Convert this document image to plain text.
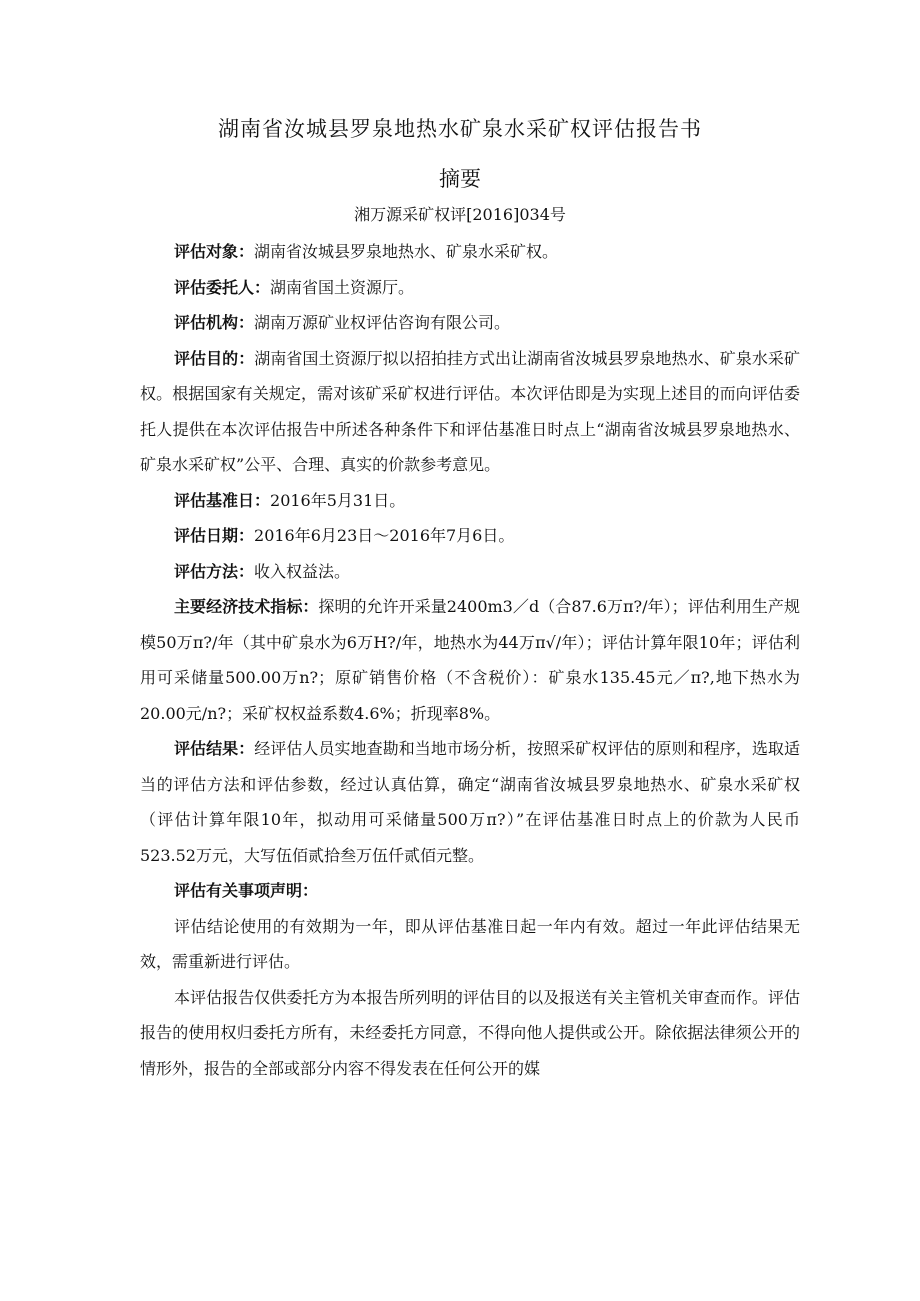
湖南省汝城县罗泉地热水矿泉水采矿权评估报告书
摘要
湘万源采矿权评[2016]034号

评估对象：湖南省汝城县罗泉地热水、矿泉水采矿权。

评估委托人：湖南省国土资源厅。

评估机构：湖南万源矿业权评估咨询有限公司。

评估目的：湖南省国土资源厅拟以招拍挂方式出让湖南省汝城县罗泉地热水、矿泉水采矿权。根据国家有关规定，需对该矿采矿权进行评估。本次评估即是为实现上述目的而向评估委托人提供在本次评估报告中所述各种条件下和评估基准日时点上“湖南省汝城县罗泉地热水、矿泉水采矿权”公平、合理、真实的价款参考意见。

评估基准日：2016年5月31日。

评估日期：2016年6月23日～2016年7月6日。

评估方法：收入权益法。

主要经济技术指标：探明的允许开采量2400m3／d（合87.6万π?/年）；评估利用生产规模50万π?/年（其中矿泉水为6万H?/年，地热水为44万π√/年）；评估计算年限10年；评估利用可采储量500.00万n?；原矿销售价格（不含税价）：矿泉水135.45元／π?,地下热水为20.00元/n?；采矿权权益系数4.6%；折现率8%。

评估结果：经评估人员实地查勘和当地市场分析，按照采矿权评估的原则和程序，选取适当的评估方法和评估参数，经过认真估算，确定“湖南省汝城县罗泉地热水、矿泉水采矿权（评估计算年限10年，拟动用可采储量500万π?）”在评估基准日时点上的价款为人民币523.52万元，大写伍佰贰拾叁万伍仟贰佰元整。

评估有关事项声明：

评估结论使用的有效期为一年，即从评估基准日起一年内有效。超过一年此评估结果无效，需重新进行评估。

本评估报告仅供委托方为本报告所列明的评估目的以及报送有关主管机关审查而作。评估报告的使用权归委托方所有，未经委托方同意，不得向他人提供或公开。除依据法律须公开的情形外，报告的全部或部分内容不得发表在任何公开的媒
